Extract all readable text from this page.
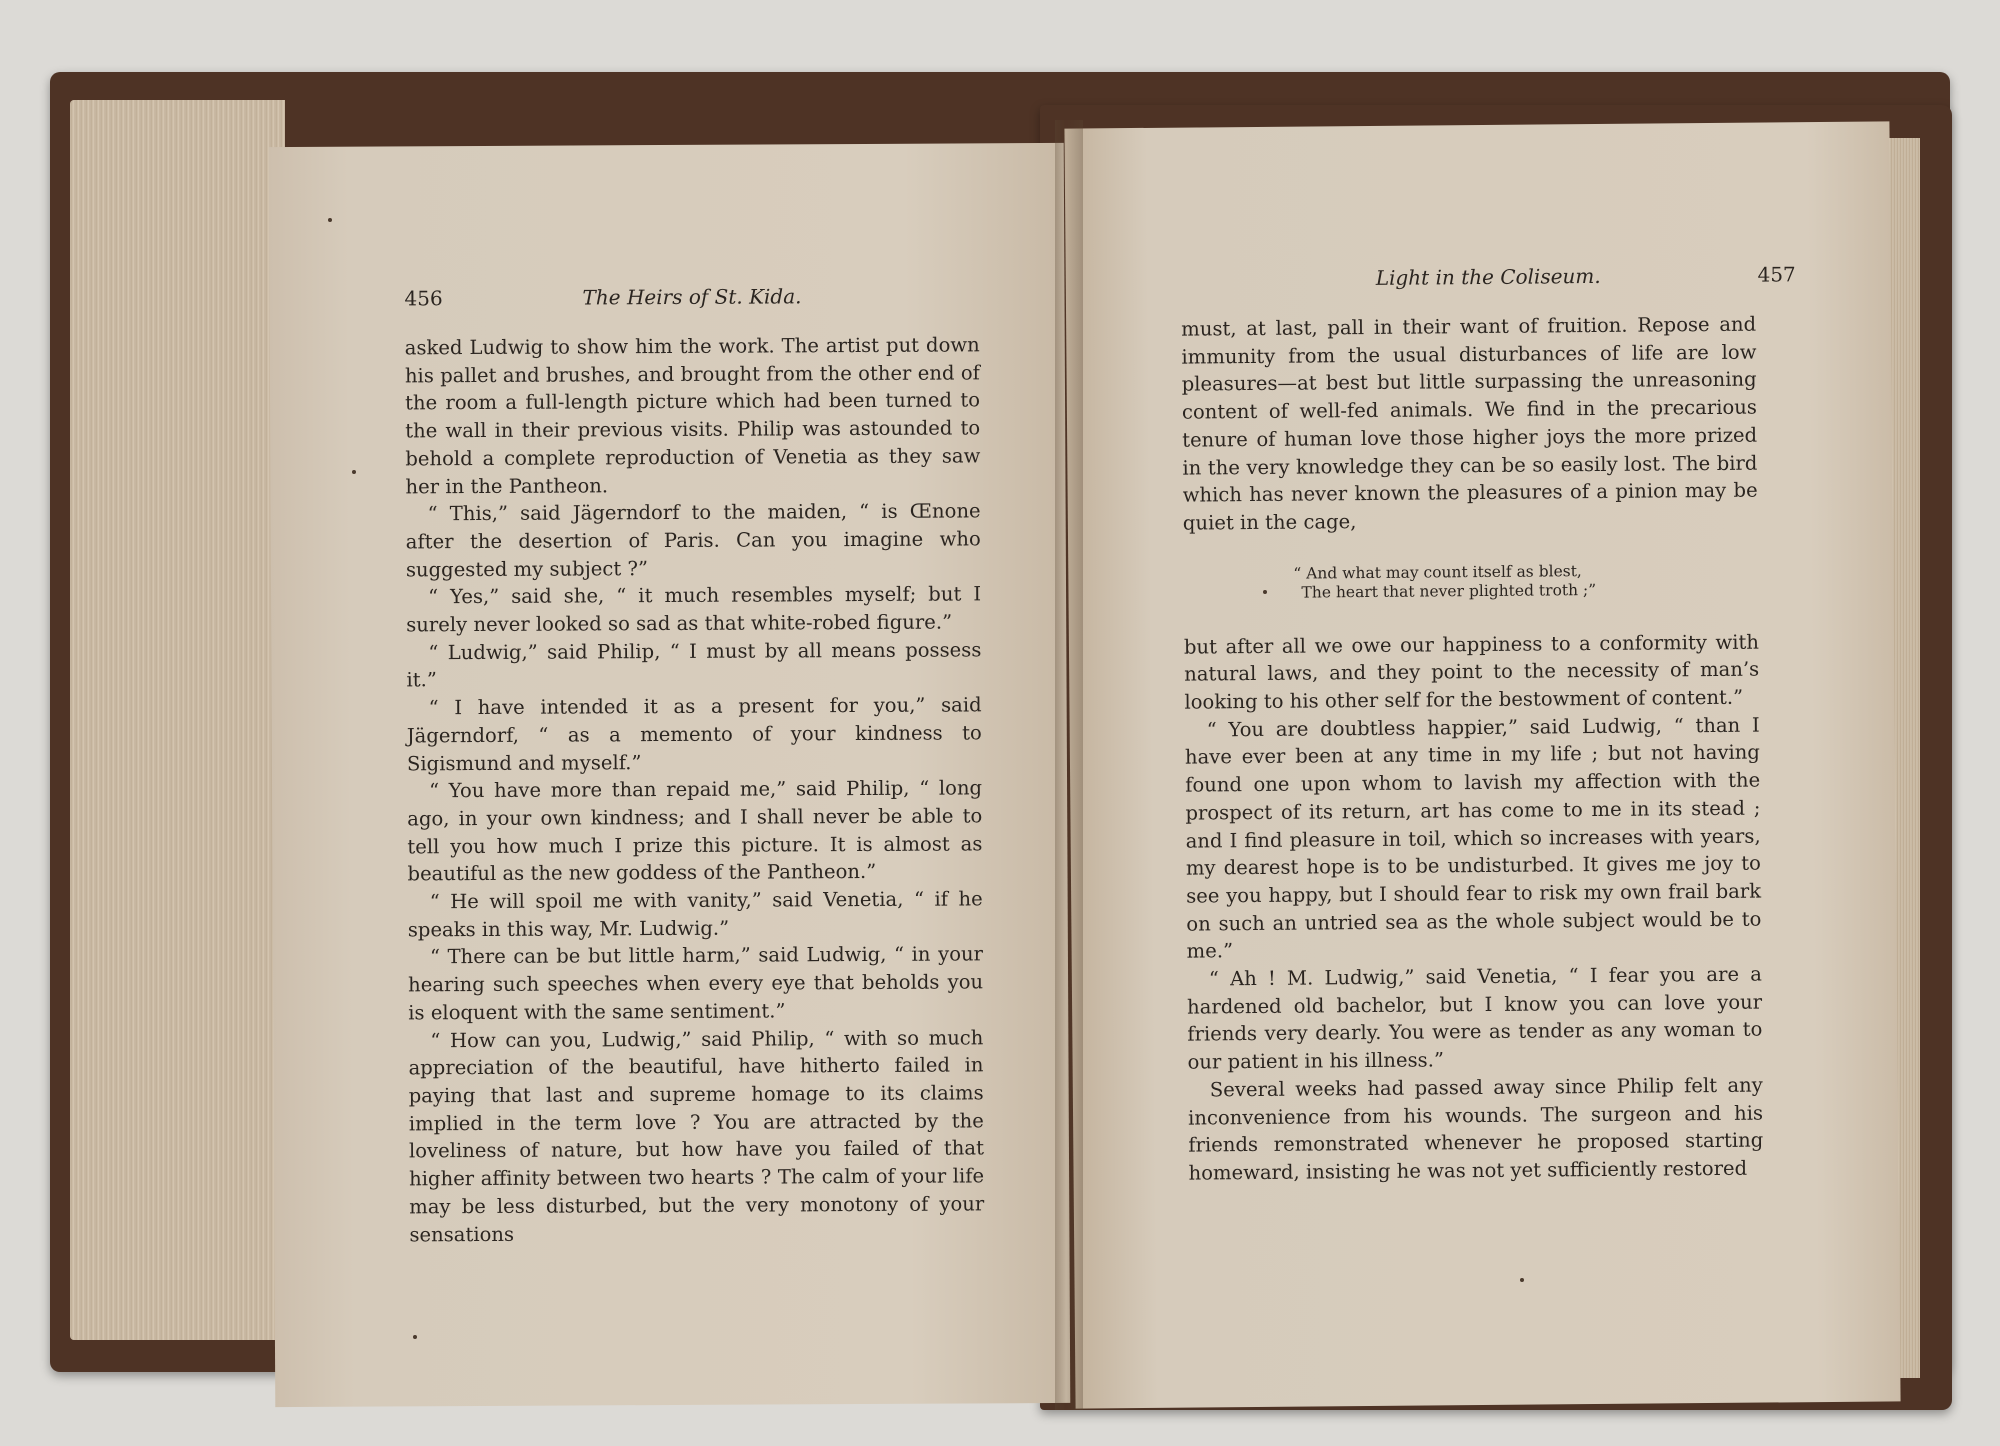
456	The Heirs of St. Kida.

asked Ludwig to show him the work. The artist put down his pallet and brushes, and brought from the other end of the room a full-length picture which had been turned to the wall in their previous visits. Philip was astounded to behold a complete reproduction of Venetia as they saw her in the Pantheon.

“ This,” said Jägerndorf to the maiden, “ is Œnone after the desertion of Paris. Can you imagine who suggested my subject ?”

“ Yes,” said she, “ it much resembles myself; but I surely never looked so sad as that white-robed figure.”

“ Ludwig,” said Philip, “ I must by all means possess it.”

“ I have intended it as a present for you,” said Jägerndorf, “ as a memento of your kindness to Sigismund and myself.”

“ You have more than repaid me,” said Philip, “ long ago, in your own kindness; and I shall never be able to tell you how much I prize this picture. It is almost as beautiful as the new goddess of the Pantheon.”

“ He will spoil me with vanity,” said Venetia, “ if he speaks in this way, Mr. Ludwig.”

“ There can be but little harm,” said Ludwig, “ in your hearing such speeches when every eye that beholds you is eloquent with the same sentiment.”

“ How can you, Ludwig,” said Philip, “ with so much appreciation of the beautiful, have hitherto failed in paying that last and supreme homage to its claims implied in the term love ? You are attracted by the loveliness of nature, but how have you failed of that higher affinity between two hearts ? The calm of your life may be less disturbed, but the very monotony of your sensations

Light in the Coliseum.	457

must, at last, pall in their want of fruition. Repose and immunity from the usual disturbances of life are low pleasures—at best but little surpassing the unreasoning content of well-fed animals. We find in the precarious tenure of human love those higher joys the more prized in the very knowledge they can be so easily lost. The bird which has never known the pleasures of a pinion may be quiet in the cage,

“ And what may count itself as blest,
The heart that never plighted troth ;”

but after all we owe our happiness to a conformity with natural laws, and they point to the necessity of man’s looking to his other self for the bestowment of content.”

“ You are doubtless happier,” said Ludwig, “ than I have ever been at any time in my life ; but not having found one upon whom to lavish my affection with the prospect of its return, art has come to me in its stead ; and I find pleasure in toil, which so increases with years, my dearest hope is to be undisturbed. It gives me joy to see you happy, but I should fear to risk my own frail bark on such an untried sea as the whole subject would be to me.”

“ Ah ! M. Ludwig,” said Venetia, “ I fear you are a hardened old bachelor, but I know you can love your friends very dearly. You were as tender as any woman to our patient in his illness.”

Several weeks had passed away since Philip felt any inconvenience from his wounds. The surgeon and his friends remonstrated whenever he proposed starting homeward, insisting he was not yet sufficiently restored
